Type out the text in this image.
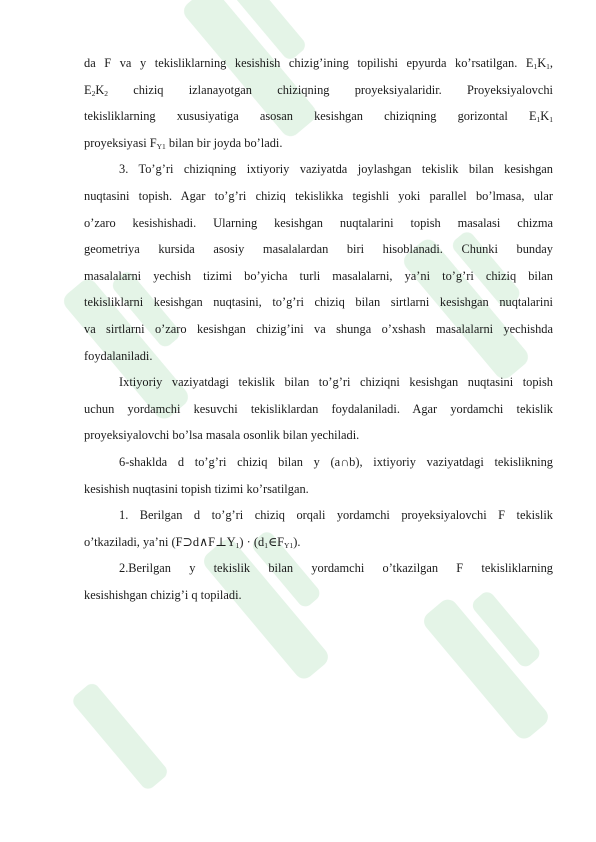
da F va y tekisliklarning kesishish chizig’ining topilishi epyurda ko’rsatilgan. $E_1K_1$,
$E_2K_2$ chiziq izlanayotgan chiziqning proyeksiyalaridir. Proyeksiyalovchi
tekisliklarning xususiyatiga asosan kesishgan chiziqning gorizontal $E_1K_1$
proyeksiyasi $F_{Y1}$ bilan bir joyda bo’ladi.
3. To’g’ri chiziqning ixtiyoriy vaziyatda joylashgan tekislik bilan kesishgan
nuqtasini topish. Agar to’g’ri chiziq tekislikka tegishli yoki parallel bo’lmasa, ular
o’zaro kesishishadi. Ularning kesishgan nuqtalarini topish masalasi chizma
geometriya kursida asosiy masalalardan biri hisoblanadi. Chunki bunday
masalalarni yechish tizimi bo’yicha turli masalalarni, ya’ni to’g’ri chiziq bilan
tekisliklarni kesishgan nuqtasini, to’g’ri chiziq bilan sirtlarni kesishgan nuqtalarini
va sirtlarni o’zaro kesishgan chizig’ini va shunga o’xshash masalalarni yechishda
foydalaniladi.
Ixtiyoriy vaziyatdagi tekislik bilan to’g’ri chiziqni kesishgan nuqtasini topish
uchun yordamchi kesuvchi tekisliklardan foydalaniladi. Agar yordamchi tekislik
proyeksiyalovchi bo’lsa masala osonlik bilan yechiladi.
6-shaklda d to’g’ri chiziq bilan y (a∩b), ixtiyoriy vaziyatdagi tekislikning
kesishish nuqtasini topish tizimi ko’rsatilgan.
1. Berilgan d to’g’ri chiziq orqali yordamchi proyeksiyalovchi F tekislik
o’tkaziladi, ya’ni $(F⊃d\wedge F\perp Y_1)$ · $(d_1\in F_{Y1})$.
2.Berilgan y tekislik bilan yordamchi o’tkazilgan F tekisliklarning
kesishishgan chizig’i q topiladi.
